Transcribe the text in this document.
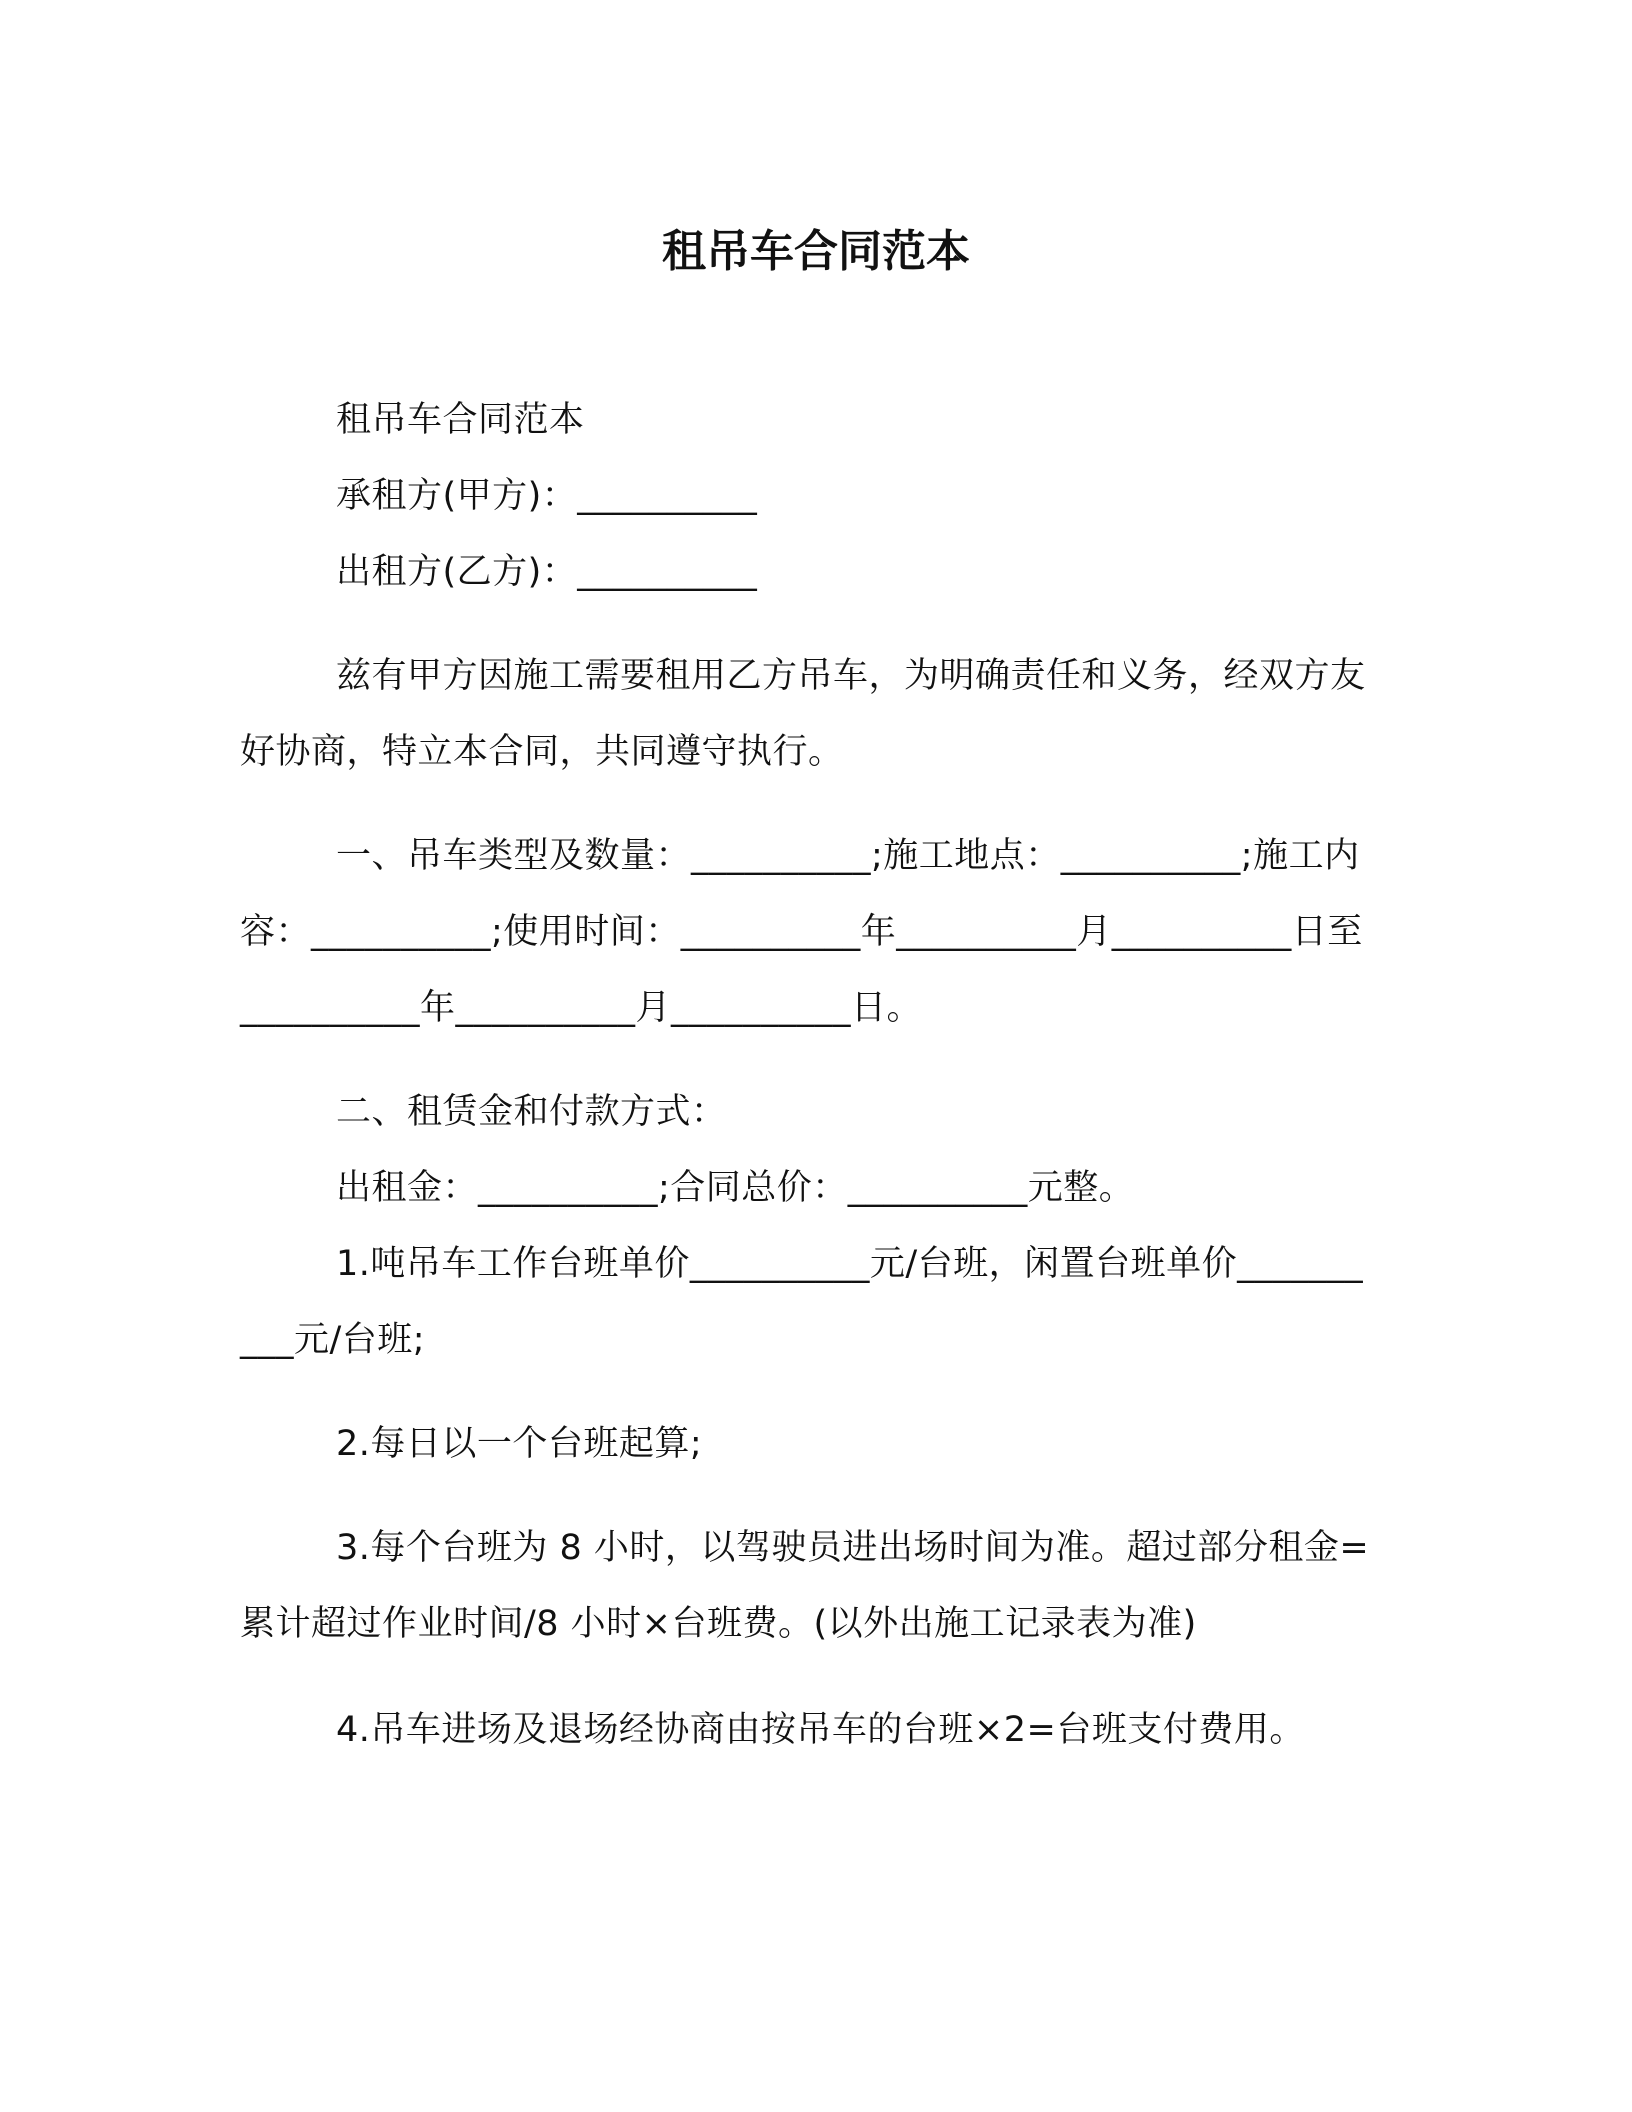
租吊车合同范本

租吊车合同范本

承租方(甲方)：__________

出租方(乙方)：__________

兹有甲方因施工需要租用乙方吊车，为明确责任和义务，经双方友好协商，特立本合同，共同遵守执行。

一、吊车类型及数量：__________;施工地点：__________;施工内容：__________;使用时间：__________年__________月__________日至__________年__________月__________日。

二、租赁金和付款方式：

出租金：__________;合同总价：__________元整。

1.吨吊车工作台班单价__________元/台班，闲置台班单价__________元/台班;

2.每日以一个台班起算;

3.每个台班为 8 小时，以驾驶员进出场时间为准。超过部分租金=累计超过作业时间/8 小时×台班费。(以外出施工记录表为准)

4.吊车进场及退场经协商由按吊车的台班×2=台班支付费用。
